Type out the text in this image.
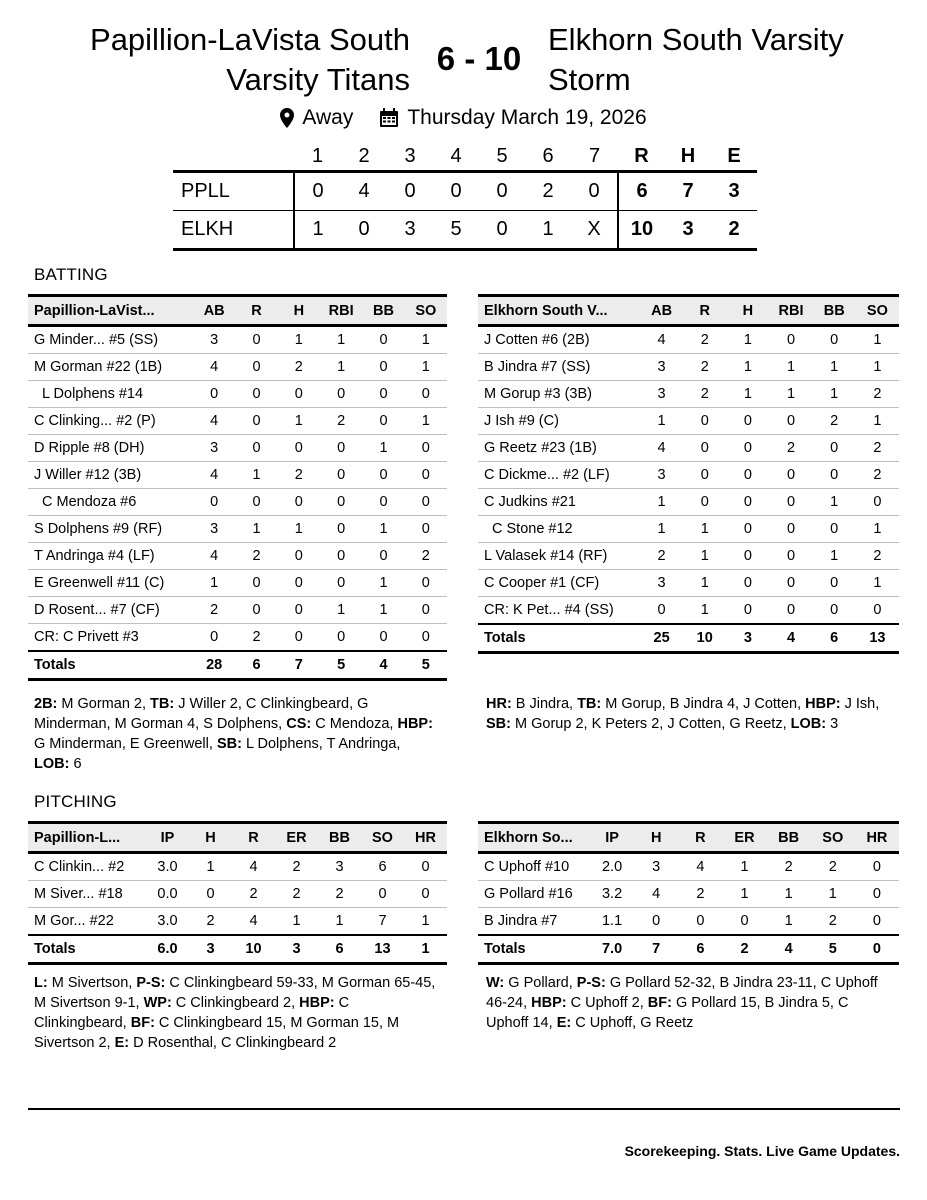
Papillion-LaVista South Varsity Titans
6 - 10
Elkhorn South Varsity Storm
Away	Thursday March 19, 2026
	1	2	3	4	5	6	7	R	H	E
PPLL	0	4	0	0	0	2	0	6	7	3
ELKH	1	0	3	5	0	1	X	10	3	2
BATTING
Papillion-LaVist...	AB	R	H	RBI	BB	SO
G Minder... #5 (SS)	3	0	1	1	0	1
M Gorman #22 (1B)	4	0	2	1	0	1
L Dolphens #14	0	0	0	0	0	0
C Clinking... #2 (P)	4	0	1	2	0	1
D Ripple #8 (DH)	3	0	0	0	1	0
J Willer #12 (3B)	4	1	2	0	0	0
C Mendoza #6	0	0	0	0	0	0
S Dolphens #9 (RF)	3	1	1	0	1	0
T Andringa #4 (LF)	4	2	0	0	0	2
E Greenwell #11 (C)	1	0	0	0	1	0
D Rosent... #7 (CF)	2	0	0	1	1	0
CR: C Privett #3	0	2	0	0	0	0
Totals	28	6	7	5	4	5
Elkhorn South V...	AB	R	H	RBI	BB	SO
J Cotten #6 (2B)	4	2	1	0	0	1
B Jindra #7 (SS)	3	2	1	1	1	1
M Gorup #3 (3B)	3	2	1	1	1	2
J Ish #9 (C)	1	0	0	0	2	1
G Reetz #23 (1B)	4	0	0	2	0	2
C Dickme... #2 (LF)	3	0	0	0	0	2
C Judkins #21	1	0	0	0	1	0
C Stone #12	1	1	0	0	0	1
L Valasek #14 (RF)	2	1	0	0	1	2
C Cooper #1 (CF)	3	1	0	0	0	1
CR: K Pet... #4 (SS)	0	1	0	0	0	0
Totals	25	10	3	4	6	13
2B: M Gorman 2, TB: J Willer 2, C Clinkingbeard, G Minderman, M Gorman 4, S Dolphens, CS: C Mendoza, HBP: G Minderman, E Greenwell, SB: L Dolphens, T Andringa, LOB: 6
HR: B Jindra, TB: M Gorup, B Jindra 4, J Cotten, HBP: J Ish, SB: M Gorup 2, K Peters 2, J Cotten, G Reetz, LOB: 3
PITCHING
Papillion-L...	IP	H	R	ER	BB	SO	HR
C Clinkin... #2	3.0	1	4	2	3	6	0
M Siver... #18	0.0	0	2	2	2	0	0
M Gor... #22	3.0	2	4	1	1	7	1
Totals	6.0	3	10	3	6	13	1
Elkhorn So...	IP	H	R	ER	BB	SO	HR
C Uphoff #10	2.0	3	4	1	2	2	0
G Pollard #16	3.2	4	2	1	1	1	0
B Jindra #7	1.1	0	0	0	1	2	0
Totals	7.0	7	6	2	4	5	0
L: M Sivertson, P-S: C Clinkingbeard 59-33, M Gorman 65-45, M Sivertson 9-1, WP: C Clinkingbeard 2, HBP: C Clinkingbeard, BF: C Clinkingbeard 15, M Gorman 15, M Sivertson 2, E: D Rosenthal, C Clinkingbeard 2
W: G Pollard, P-S: G Pollard 52-32, B Jindra 23-11, C Uphoff 46-24, HBP: C Uphoff 2, BF: G Pollard 15, B Jindra 5, C Uphoff 14, E: C Uphoff, G Reetz
Scorekeeping. Stats. Live Game Updates.
